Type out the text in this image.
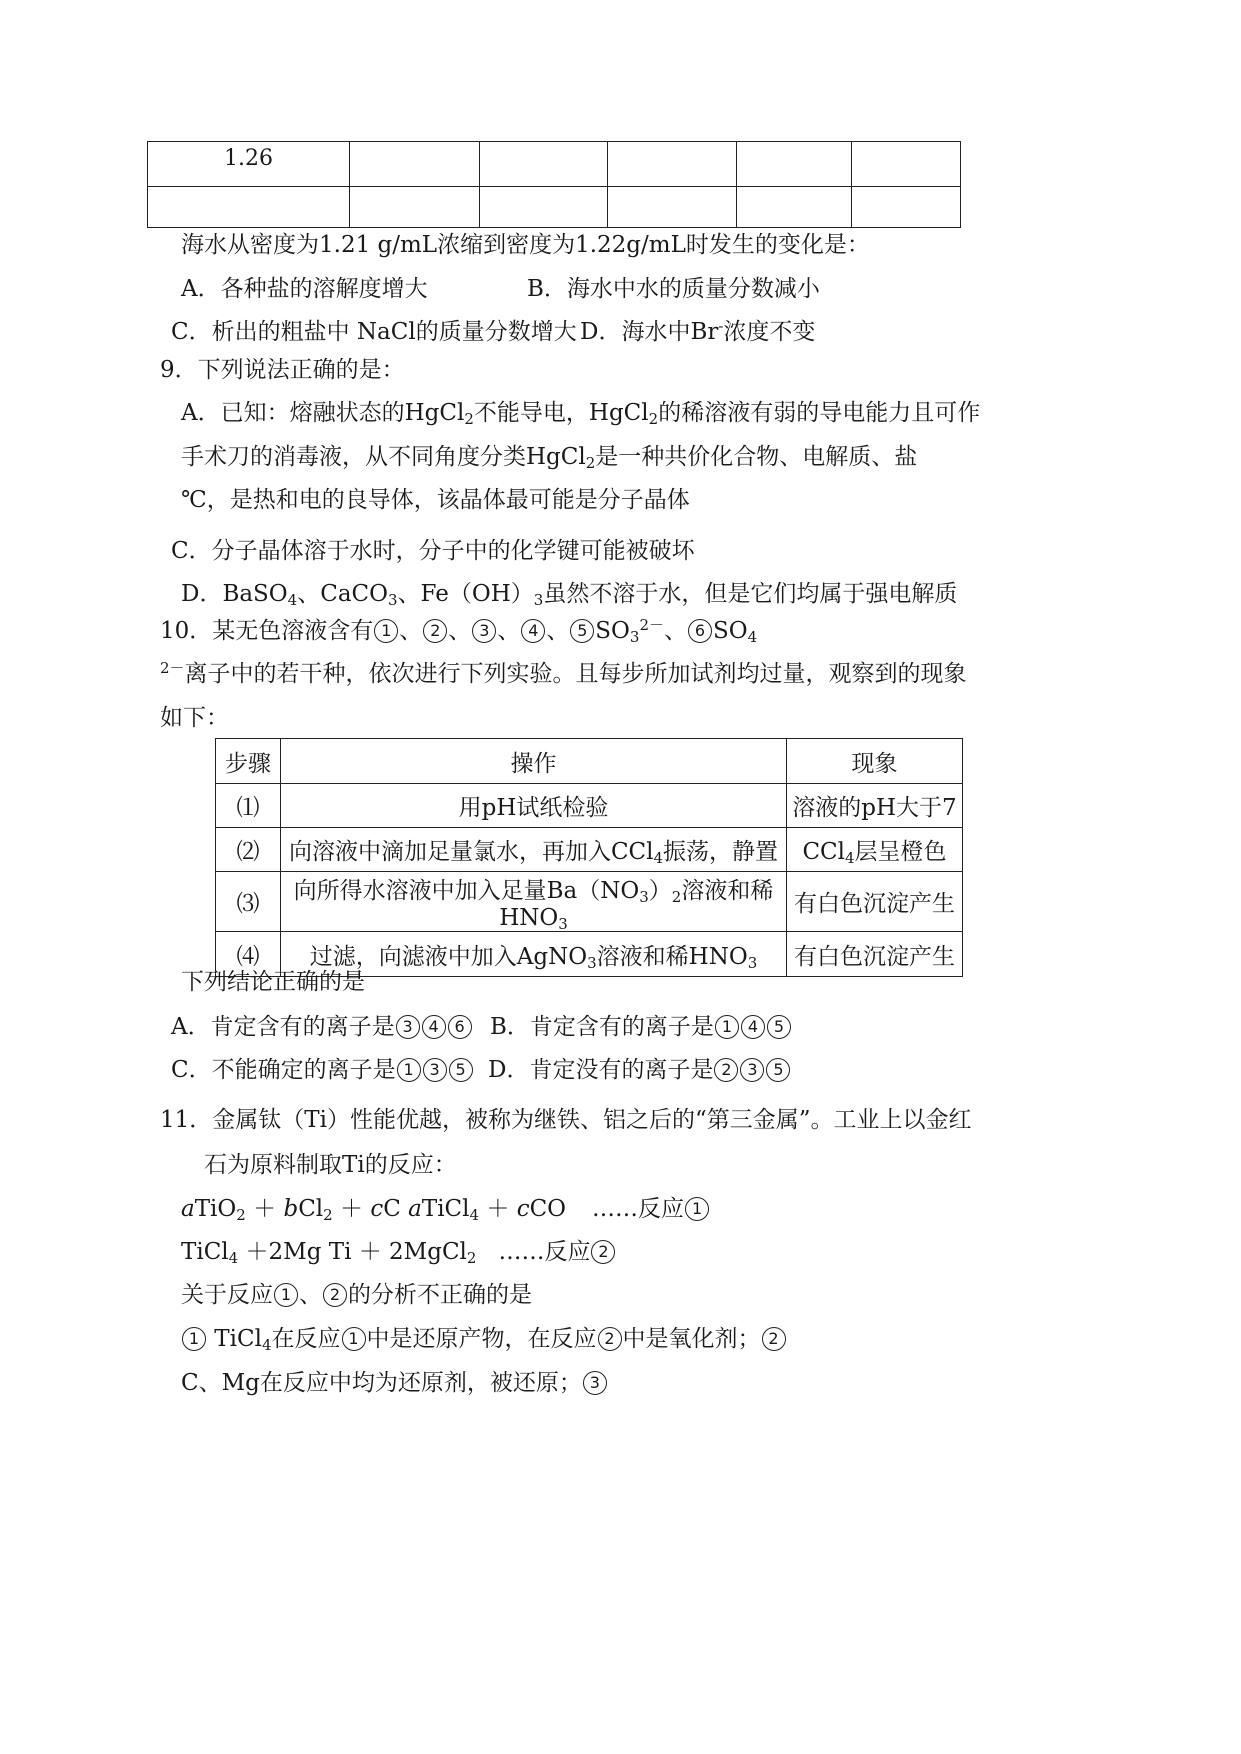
1.26					

海水从密度为1.21 g/mL浓缩到密度为1.22g/mL时发生的变化是：
A．各种盐的溶解度增大	B．海水中水的质量分数减小
C．析出的粗盐中 NaCl的质量分数增大 D．海水中Br-浓度不变
9．下列说法正确的是：
A．已知：熔融状态的HgCl$_2$不能导电，HgCl$_2$的稀溶液有弱的导电能力且可作
手术刀的消毒液，从不同角度分类HgCl$_2$是一种共价化合物、电解质、盐
℃，是热和电的良导体，该晶体最可能是分子晶体
C．分子晶体溶于水时，分子中的化学键可能被破坏
D．BaSO$_4$、CaCO$_3$、$Fe(OH)_3$虽然不溶于水，但是它们均属于强电解质
10．某无色溶液含有 1 、 2 、 3 、 4 、 5 $SO_3^{2-}$、 6 $SO_4$
$^{2-}$离子中的若干种，依次进行下列实验。且每步所加试剂均过量，观察到的现象
如下：
步骤	操作	现象
⑴	用pH试纸检验	溶液的pH大于7
⑵	向溶液中滴加足量氯水，再加入CCl$_4$振荡，静置	CCl$_4$层呈橙色
⑶	向所得水溶液中加入足量$Ba(NO_3)_2$溶液和稀$HNO_3$	有白色沉淀产生
⑷	过滤，向滤液中加入AgNO$_3$溶液和稀$HNO_3$	有白色沉淀产生
下列结论正确的是
A．肯定含有的离子是 3 4 6	B．肯定含有的离子是 1 4 5
C．不能确定的离子是 1 3 5 D．肯定没有的离子是 2 3 5
11．金属钛（Ti）性能优越，被称为继铁、铝之后的“第三金属”。工业上以金红
石为原料制取Ti的反应：
aTiO$_2$ ＋ bCl$_2$ ＋ cC aTiCl$_4$ ＋ cCO ……反应 1
TiCl$_4$ ＋2Mg Ti ＋ 2MgCl$_2$ ……反应 2
关于反应 1 、 2 的分析不正确的是
1 TiCl$_4$在反应 1 中是还原产物，在反应 2 中是氧化剂； 2
C、Mg在反应中均为还原剂，被还原； 3
